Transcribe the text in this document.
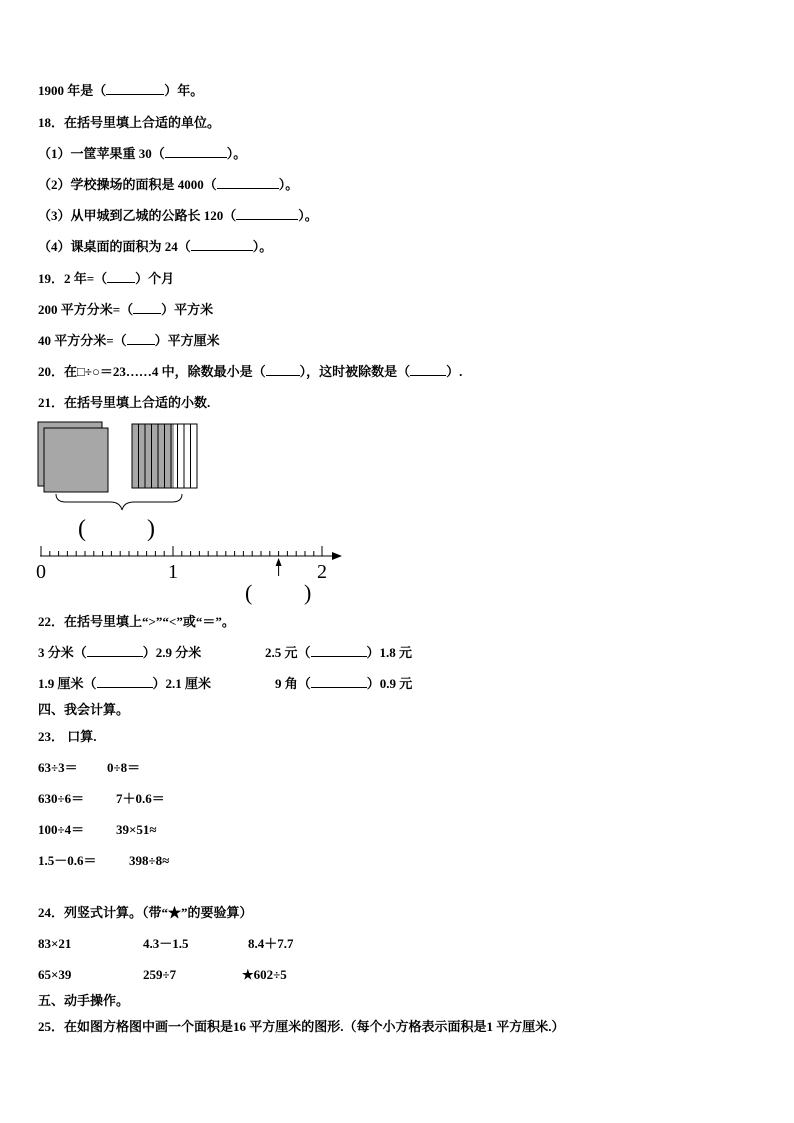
1900 年是（	）年。
18．在括号里填上合适的单位。
（1）一筐苹果重 30（	）。
（2）学校操场的面积是 4000（	）。
（3）从甲城到乙城的公路长 120（	）。
（4）课桌面的面积为 24（	）。
19．2 年=（ ）个月
200 平方分米=（ ）平方米
40 平方分米=（ ）平方厘米
20．在□÷○＝23……4 中，除数最小是（	），这时被除数是（	）.
21．在括号里填上合适的小数.
(	)
0	1	2
( )
22．在括号里填上“>”“<”或“＝”。
3 分米（	）2.9 分米	2.5 元（	）1.8 元
1.9 厘米（	）2.1 厘米	9 角（	）0.9 元
四、我会计算。
23． 口算.
63÷3＝ 0÷8＝
630÷6＝ 7＋0.6＝
100÷4＝ 39×51≈
1.5－0.6＝ 398÷8≈
24．列竖式计算。（带“★”的要验算）
83×21	4.3－1.5	8.4＋7.7
65×39	259÷7	★602÷5
五、动手操作。
25．在如图方格图中画一个面积是16 平方厘米的图形.（每个小方格表示面积是1 平方厘米.）
